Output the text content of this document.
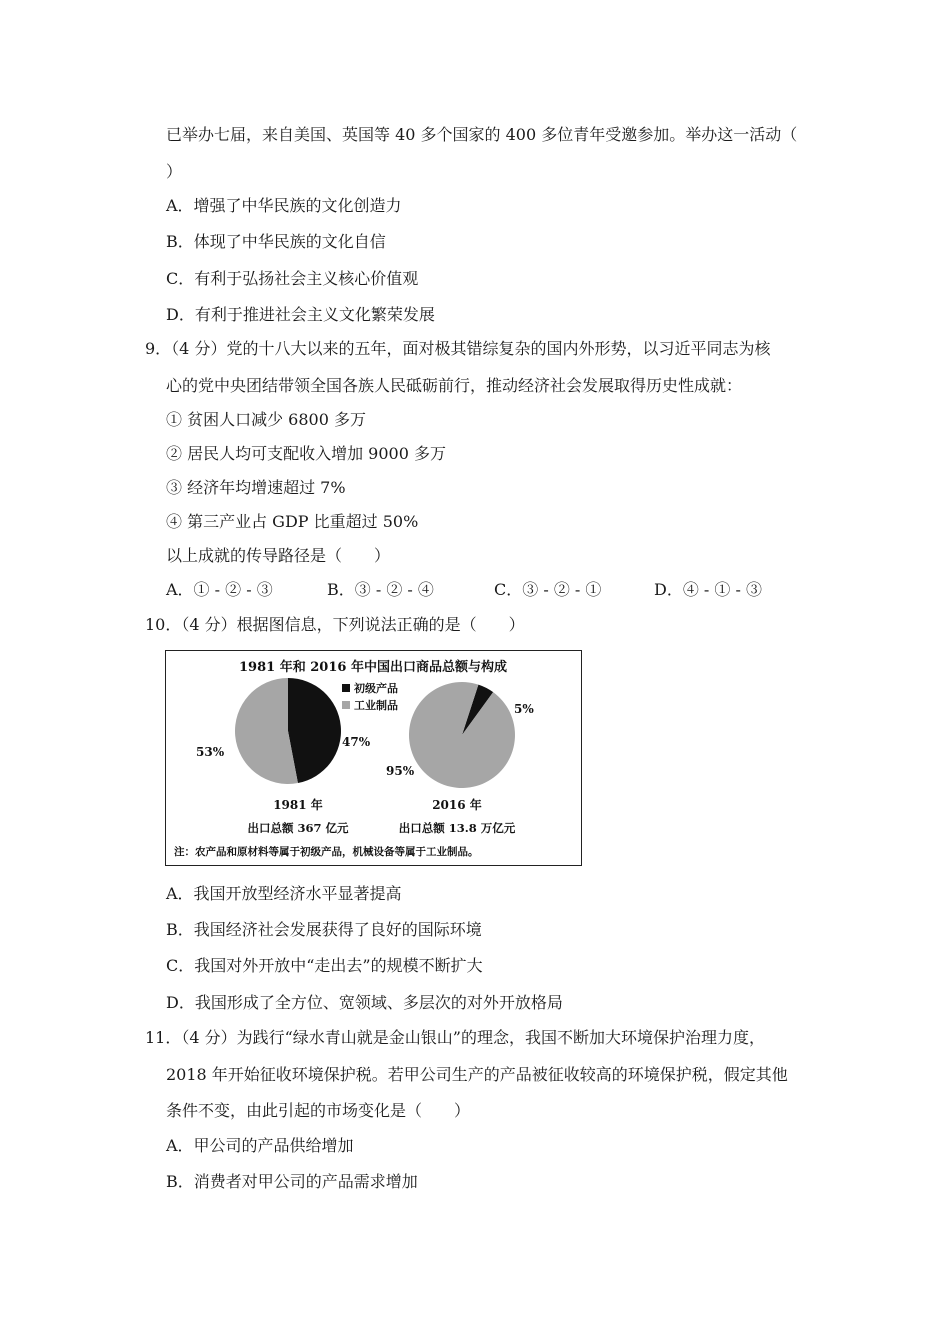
已举办七届，来自美国、英国等 40 多个国家的 400 多位青年受邀参加。举办这一活动（
）
A．增强了中华民族的文化创造力
B．体现了中华民族的文化自信
C．有利于弘扬社会主义核心价值观
D．有利于推进社会主义文化繁荣发展
9．（4 分）党的十八大以来的五年，面对极其错综复杂的国内外形势，以习近平同志为核
心的党中央团结带领全国各族人民砥砺前行，推动经济社会发展取得历史性成就：
① 贫困人口减少 6800 多万
② 居民人均可支配收入增加 9000 多万
③ 经济年均增速超过 7%
④ 第三产业占 GDP 比重超过 50%
以上成就的传导路径是（　　）
A．① - ② - ③	B．③ - ② - ④	C．③ - ② - ①	D．④ - ① - ③
10．（4 分）根据图信息，下列说法正确的是（　　）
1981 年和 2016 年中国出口商品总额与构成
初级产品
工业制品
53%
47%
5%
95%
1981 年	2016 年
出口总额 367 亿元	出口总额 13.8 万亿元
注：农产品和原材料等属于初级产品，机械设备等属于工业制品。
A．我国开放型经济水平显著提高
B．我国经济社会发展获得了良好的国际环境
C．我国对外开放中“走出去”的规模不断扩大
D．我国形成了全方位、宽领域、多层次的对外开放格局
11．（4 分）为践行“绿水青山就是金山银山”的理念，我国不断加大环境保护治理力度，
2018 年开始征收环境保护税。若甲公司生产的产品被征收较高的环境保护税，假定其他
条件不变，由此引起的市场变化是（　　）
A．甲公司的产品供给增加
B．消费者对甲公司的产品需求增加
